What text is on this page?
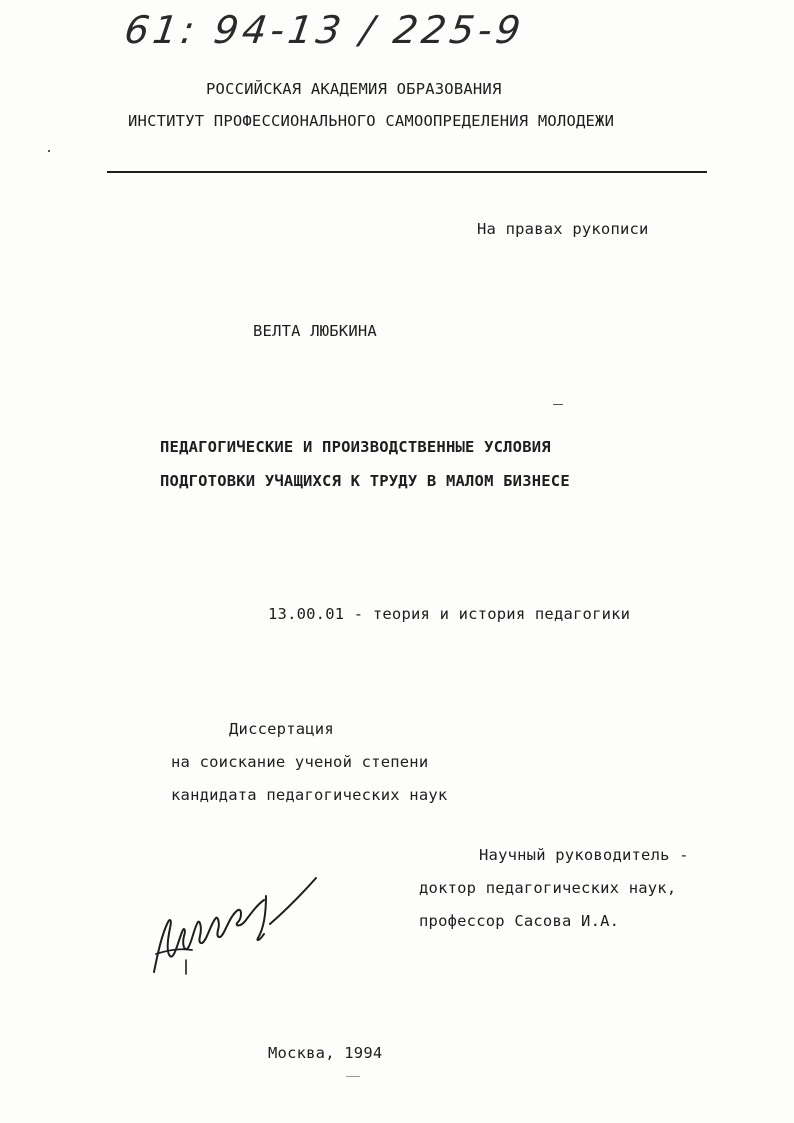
61: 94-13 / 225-9
РОССИЙСКАЯ АКАДЕМИЯ ОБРАЗОВАНИЯ
ИНСТИТУТ ПРОФЕССИОНАЛЬНОГО САМООПРЕДЕЛЕНИЯ МОЛОДЕЖИ
На правах рукописи
ВЕЛТА ЛЮБКИНА
ПЕДАГОГИЧЕСКИЕ И ПРОИЗВОДСТВЕННЫЕ УСЛОВИЯ
ПОДГОТОВКИ УЧАЩИХСЯ К ТРУДУ В МАЛОМ БИЗНЕСЕ
13.00.01 - теория и история педагогики
Диссертация
на соискание ученой степени
кандидата педагогических наук
Научный руководитель -
доктор педагогических наук,
профессор Сасова И.А.
Москва, 1994
